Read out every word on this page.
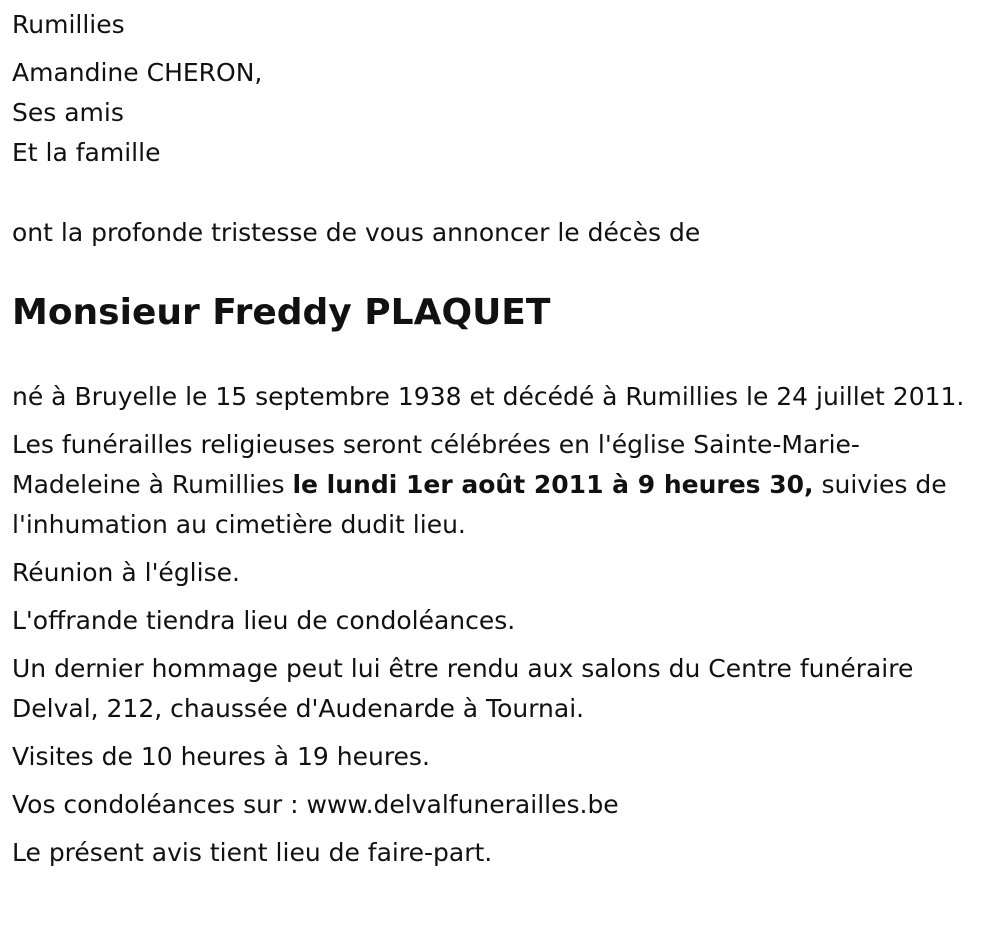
Rumillies

Amandine CHERON,

Ses amis

Et la famille

ont la profonde tristesse de vous annoncer le décès de

Monsieur Freddy PLAQUET

né à Bruyelle le 15 septembre 1938 et décédé à Rumillies le 24 juillet 2011.

Les funérailles religieuses seront célébrées en l'église Sainte-Marie-Madeleine à Rumillies le lundi 1er août 2011 à 9 heures 30, suivies de l'inhumation au cimetière dudit lieu.

Réunion à l'église.

L'offrande tiendra lieu de condoléances.

Un dernier hommage peut lui être rendu aux salons du Centre funéraire Delval, 212, chaussée d'Audenarde à Tournai.

Visites de 10 heures à 19 heures.

Vos condoléances sur : www.delvalfunerailles.be

Le présent avis tient lieu de faire-part.
